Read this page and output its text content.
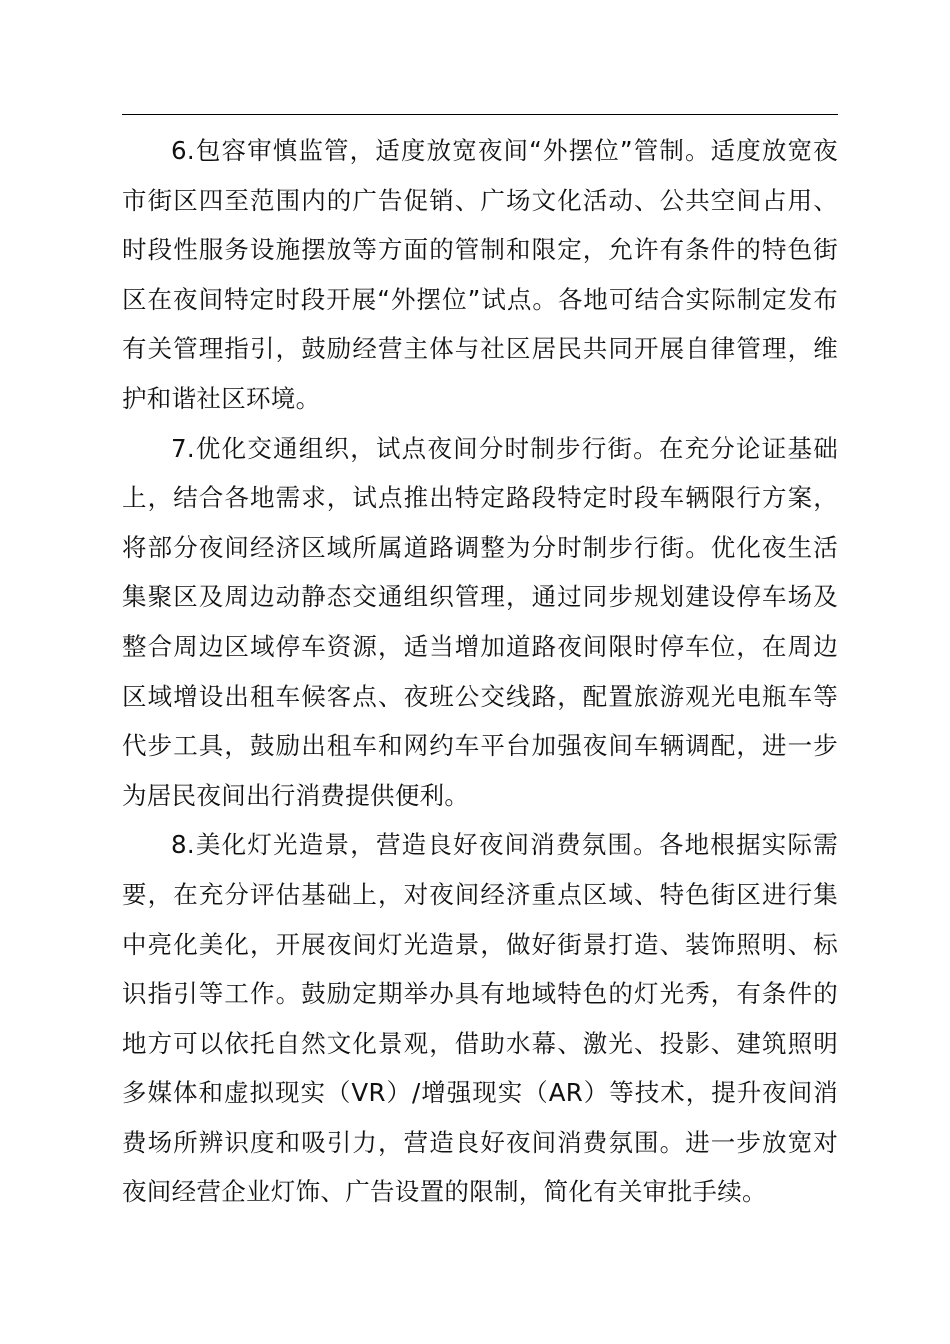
6.包容审慎监管，适度放宽夜间“外摆位”管制。适度放宽夜市街区四至范围内的广告促销、广场文化活动、公共空间占用、时段性服务设施摆放等方面的管制和限定，允许有条件的特色街区在夜间特定时段开展“外摆位”试点。各地可结合实际制定发布有关管理指引，鼓励经营主体与社区居民共同开展自律管理，维护和谐社区环境。

7.优化交通组织，试点夜间分时制步行街。在充分论证基础上，结合各地需求，试点推出特定路段特定时段车辆限行方案，将部分夜间经济区域所属道路调整为分时制步行街。优化夜生活集聚区及周边动静态交通组织管理，通过同步规划建设停车场及整合周边区域停车资源，适当增加道路夜间限时停车位，在周边区域增设出租车候客点、夜班公交线路，配置旅游观光电瓶车等代步工具，鼓励出租车和网约车平台加强夜间车辆调配，进一步为居民夜间出行消费提供便利。

8.美化灯光造景，营造良好夜间消费氛围。各地根据实际需要，在充分评估基础上，对夜间经济重点区域、特色街区进行集中亮化美化，开展夜间灯光造景，做好街景打造、装饰照明、标识指引等工作。鼓励定期举办具有地域特色的灯光秀，有条件的地方可以依托自然文化景观，借助水幕、激光、投影、建筑照明多媒体和虚拟现实（VR）/增强现实（AR）等技术，提升夜间消费场所辨识度和吸引力，营造良好夜间消费氛围。进一步放宽对夜间经营企业灯饰、广告设置的限制，简化有关审批手续。
